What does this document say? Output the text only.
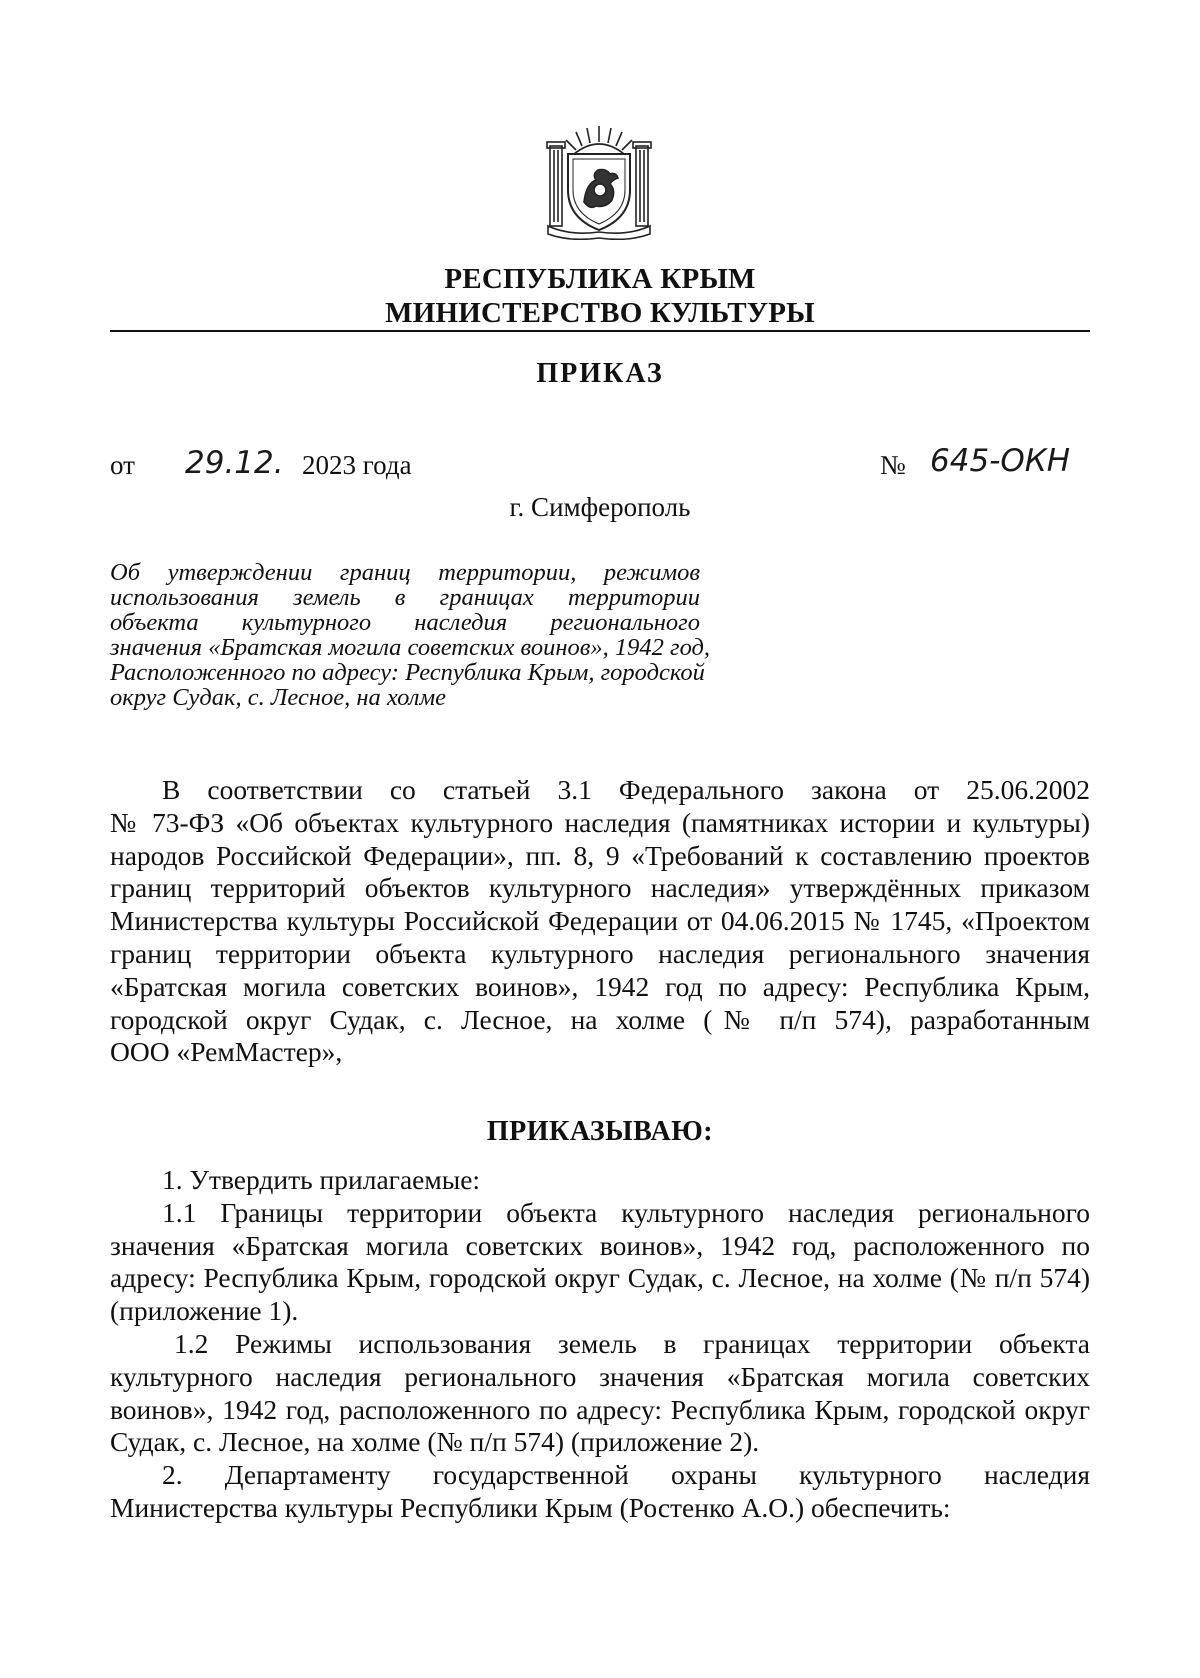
РЕСПУБЛИКА КРЫМ
МИНИСТЕРСТВО КУЛЬТУРЫ
ПРИКАЗ
от 29.12. 2023 года	№ 645-ОКН
г. Симферополь
Об утверждении границ территории, режимов
использования земель в границах территории
объекта культурного наследия регионального
значения «Братская могила советских воинов», 1942 год,
Расположенного по адресу: Республика Крым, городской
округ Судак, с. Лесное, на холме
В соответствии со статьей 3.1 Федерального закона от 25.06.2002
№ 73-ФЗ «Об объектах культурного наследия (памятниках истории и культуры)
народов Российской Федерации», пп. 8, 9 «Требований к составлению проектов
границ территорий объектов культурного наследия» утверждённых приказом
Министерства культуры Российской Федерации от 04.06.2015 № 1745, «Проектом
границ территории объекта культурного наследия регионального значения
«Братская могила советских воинов», 1942 год по адресу: Республика Крым,
городской округ Судак, с. Лесное, на холме (№ п/п 574), разработанным
ООО «РемМастер»,
ПРИКАЗЫВАЮ:
1. Утвердить прилагаемые:
1.1 Границы территории объекта культурного наследия регионального
значения «Братская могила советских воинов», 1942 год, расположенного по
адресу: Республика Крым, городской округ Судак, с. Лесное, на холме (№ п/п 574)
(приложение 1).
1.2 Режимы использования земель в границах территории объекта
культурного наследия регионального значения «Братская могила советских
воинов», 1942 год, расположенного по адресу: Республика Крым, городской округ
Судак, с. Лесное, на холме (№ п/п 574) (приложение 2).
2. Департаменту государственной охраны культурного наследия
Министерства культуры Республики Крым (Ростенко А.О.) обеспечить:
